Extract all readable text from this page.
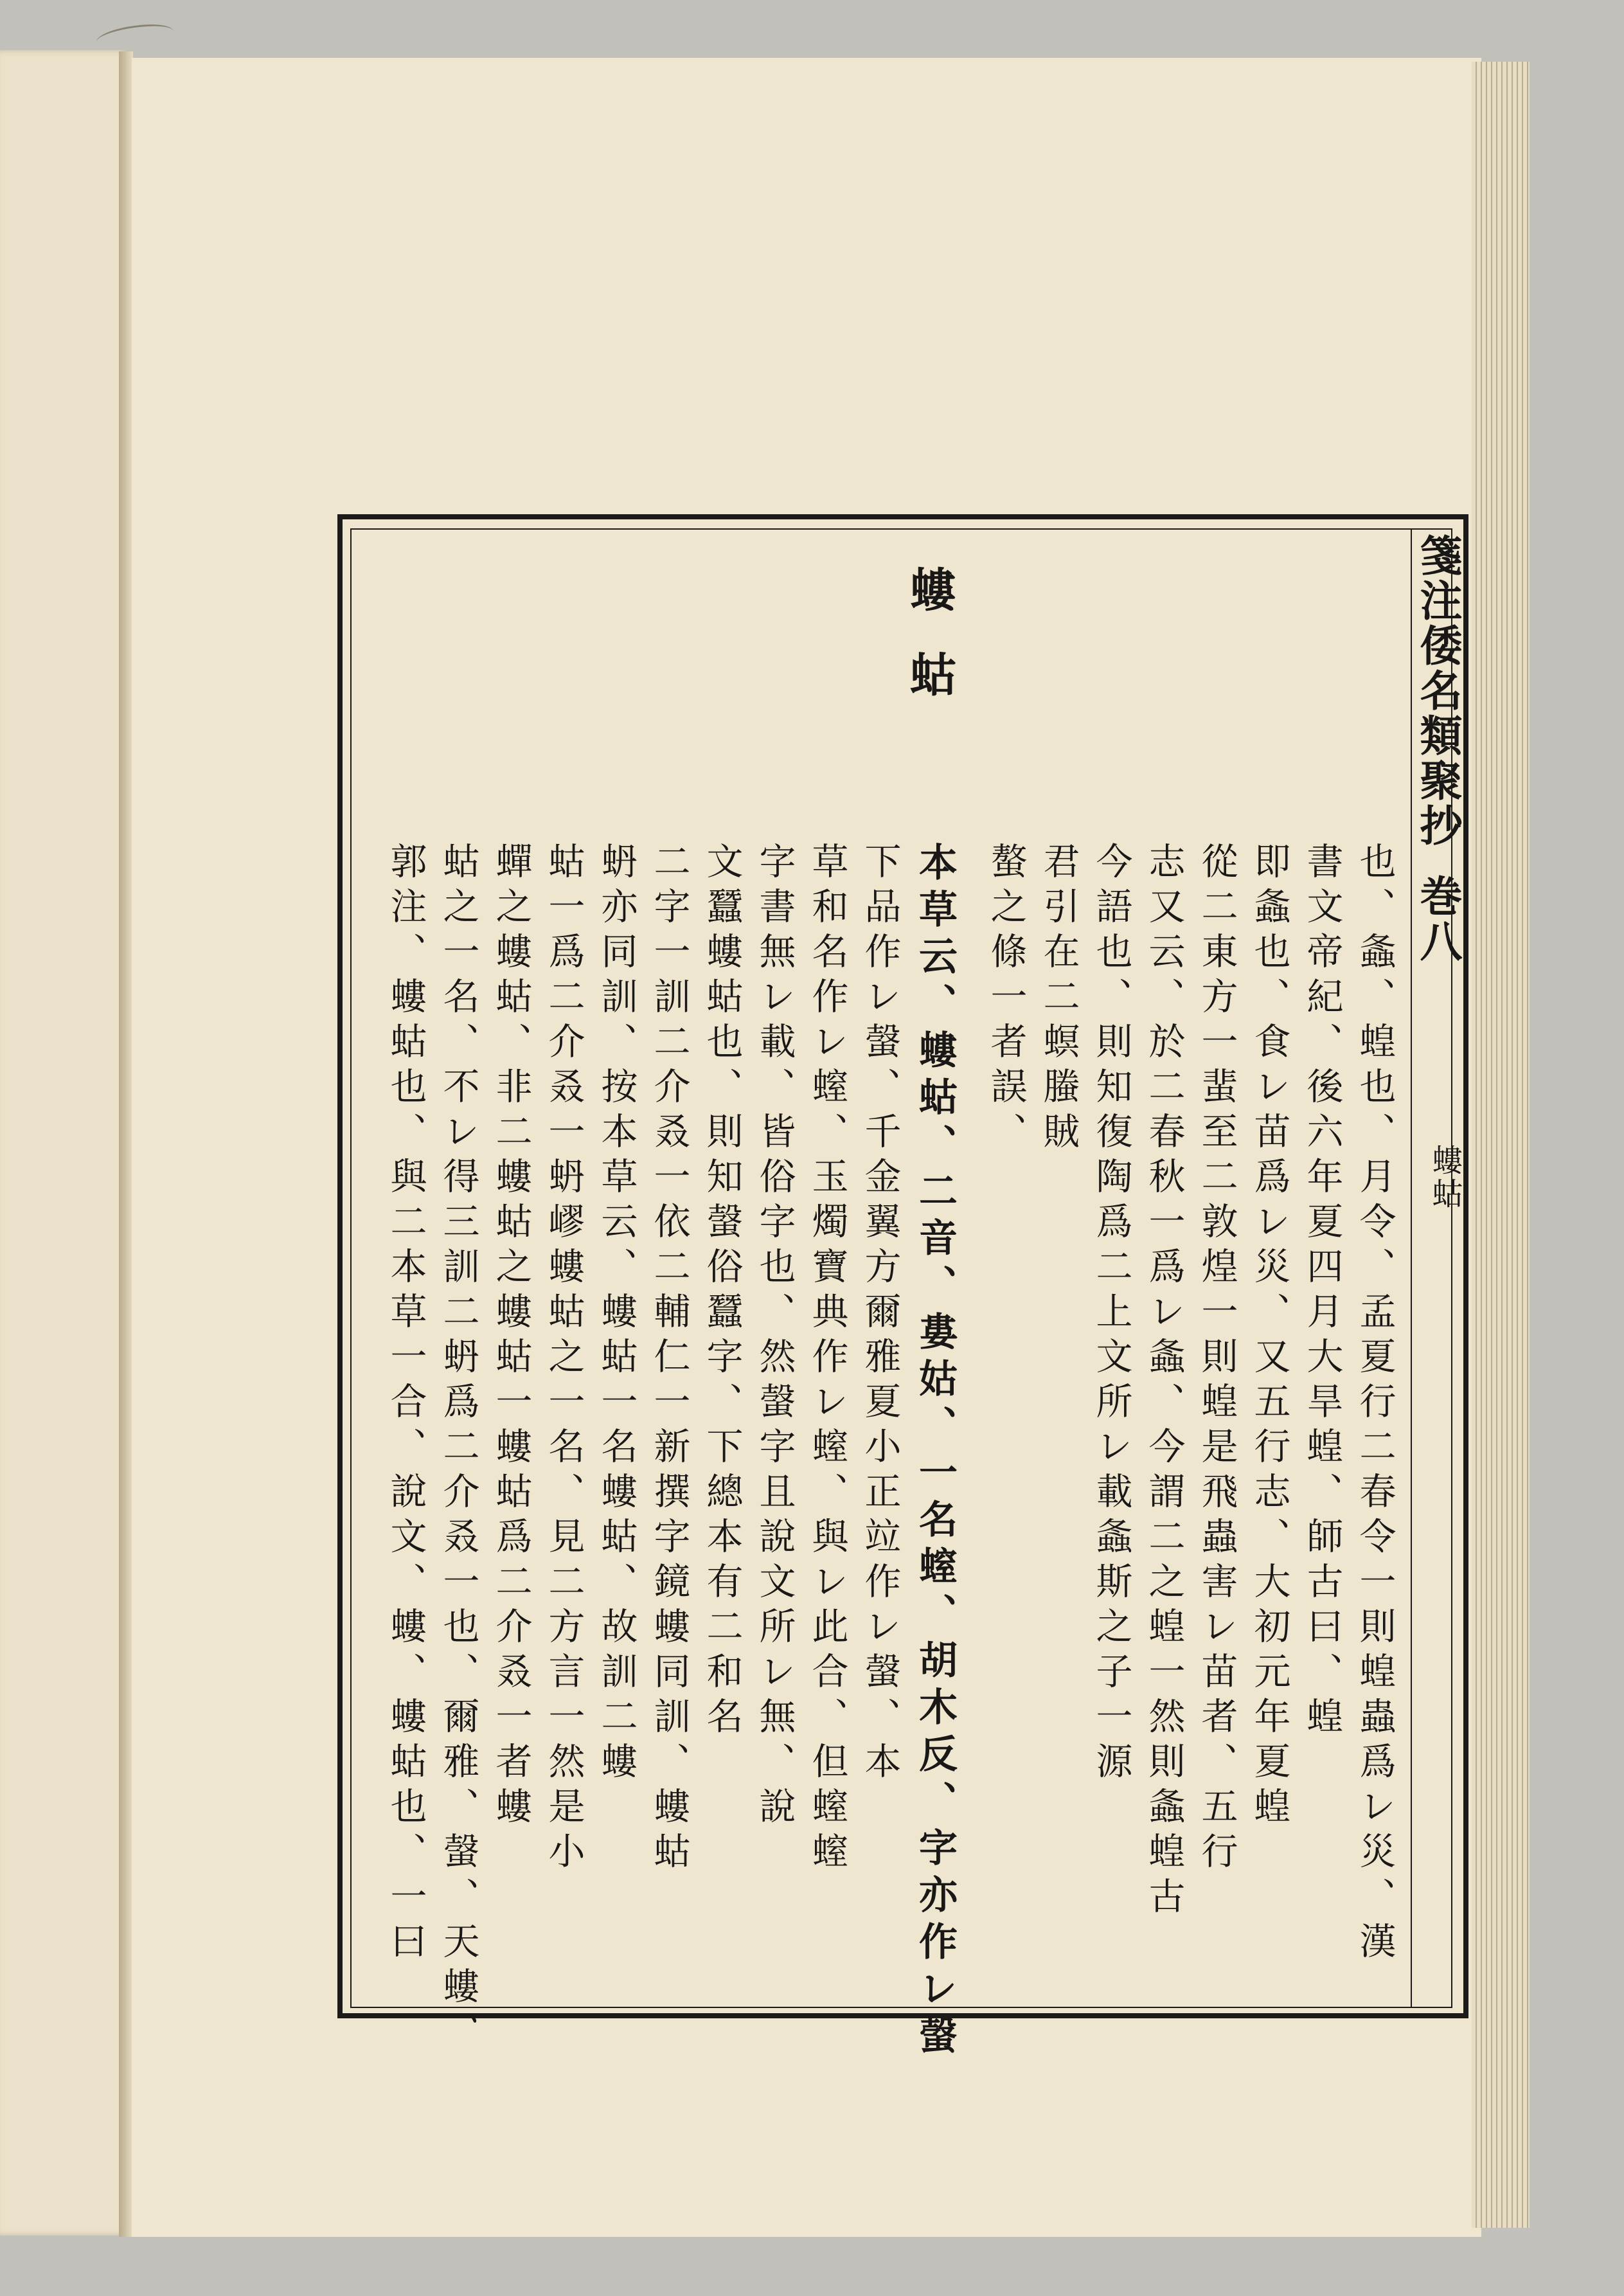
箋注倭名類聚抄巻八
螻蛄
螻蛄
也、螽、蝗也、月令、孟夏行二春令一則蝗蟲爲レ災、漢
書文帝紀、後六年夏四月大旱蝗、師古曰、蝗
即螽也、食レ苗爲レ災、又五行志、大初元年夏蝗
從二東方一蜚至二敦煌一則蝗是飛蟲害レ苗者、五行
志又云、於二春秋一爲レ螽、今謂二之蝗一然則螽蝗古
今語也、則知復陶爲二上文所レ載螽斯之子一源
君引在二螟螣賊
螯之條一者誤、
本草云、螻蛄、二音、婁姑、一名螲、胡木反、字亦作レ螜
下品作レ螜、千金翼方爾雅夏小正竝作レ螜、本
草和名作レ螲、玉燭寶典作レ螲、與レ此合、但螲螲
字書無レ載、皆俗字也、然螜字且說文所レ無、說
文蠶螻蛄也、則知螜俗蠶字、下總本有二和名
二字一訓二介叒一依二輔仁一新撰字鏡螻同訓、螻蛄
蚒亦同訓、按本草云、螻蛄一名螻蛄、故訓二螻
蛄一爲二介叒一蚒嵺螻蛄之一名、見二方言一然是小
蟬之螻蛄、非二螻蛄之螻蛄一螻蛄爲二介叒一者螻
蛄之一名、不レ得三訓二蚒爲二介叒一也、爾雅、螜、天螻、
郭注、螻蛄也、與二本草一合、說文、螻、螻蛄也、一曰
